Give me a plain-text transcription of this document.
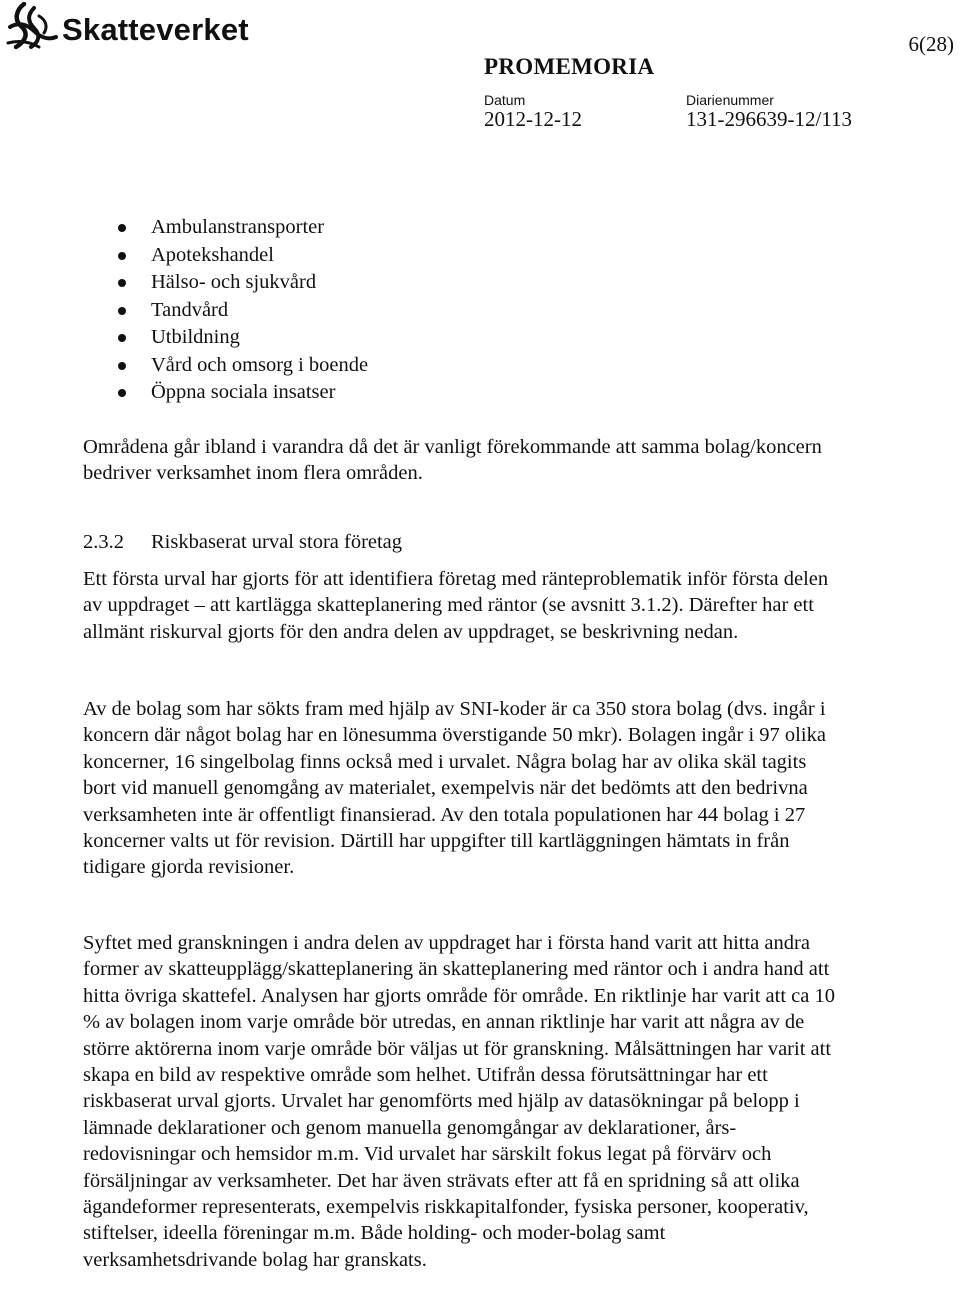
Skatteverket	6(28)
PROMEMORIA
Datum
2012-12-12
Diarienummer
131-296639-12/113
Ambulanstransporter
Apotekshandel
Hälso- och sjukvård
Tandvård
Utbildning
Vård och omsorg i boende
Öppna sociala insatser

Områdena går ibland i varandra då det är vanligt förekommande att samma bolag/koncern bedriver verksamhet inom flera områden.

2.3.2 Riskbaserat urval stora företag

Ett första urval har gjorts för att identifiera företag med ränteproblematik inför första delen av uppdraget – att kartlägga skatteplanering med räntor (se avsnitt 3.1.2). Därefter har ett allmänt riskurval gjorts för den andra delen av uppdraget, se beskrivning nedan.

Av de bolag som har sökts fram med hjälp av SNI-koder är ca 350 stora bolag (dvs. ingår i koncern där något bolag har en lönesumma överstigande 50 mkr). Bolagen ingår i 97 olika koncerner, 16 singelbolag finns också med i urvalet. Några bolag har av olika skäl tagits bort vid manuell genomgång av materialet, exempelvis när det bedömts att den bedrivna verksamheten inte är offentligt finansierad. Av den totala populationen har 44 bolag i 27 koncerner valts ut för revision. Därtill har uppgifter till kartläggningen hämtats in från tidigare gjorda revisioner.

Syftet med granskningen i andra delen av uppdraget har i första hand varit att hitta andra former av skatteupplägg/skatteplanering än skatteplanering med räntor och i andra hand att hitta övriga skattefel. Analysen har gjorts område för område. En riktlinje har varit att ca 10 % av bolagen inom varje område bör utredas, en annan riktlinje har varit att några av de större aktörerna inom varje område bör väljas ut för granskning. Målsättningen har varit att skapa en bild av respektive område som helhet. Utifrån dessa förutsättningar har ett riskbaserat urval gjorts. Urvalet har genomförts med hjälp av datasökningar på belopp i lämnade deklarationer och genom manuella genomgångar av deklarationer, års-redovisningar och hemsidor m.m. Vid urvalet har särskilt fokus legat på förvärv och försäljningar av verksamheter. Det har även strävats efter att få en spridning så att olika ägandeformer representerats, exempelvis riskkapitalfonder, fysiska personer, kooperativ, stiftelser, ideella föreningar m.m. Både holding- och moder-bolag samt verksamhetsdrivande bolag har granskats.
